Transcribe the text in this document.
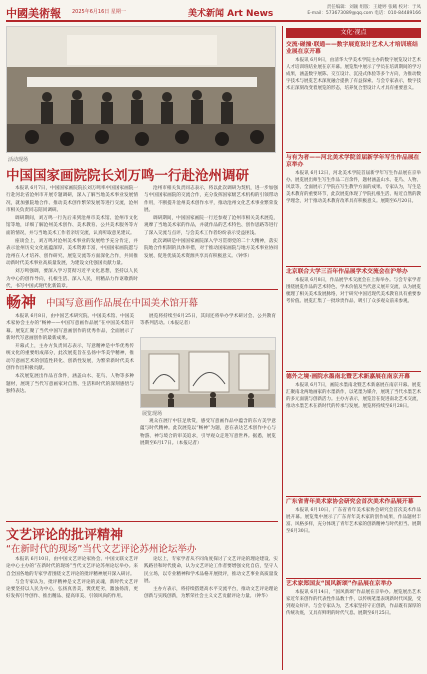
中國美術報 2025年6月16日 星期一	美术新闻 Art News
责任编辑：刘颖 组版：王婕婷 张曦 校对：于凤
E-mail：573673089@qq.com 电话：010-84489166
活动现场
中国国家画院院长刘万鸣一行赴沧州调研

本报讯 6月7日，中国国家画院院长刘万鸣率中国国家画院一行赴河北省沧州市开展专题调研，深入了解当地美术事业发展情况，就加强院地合作、推动美术创作繁荣发展等进行交流，沧州市相关负责同志陪同调研。

调研期间，刘万鸣一行先后来到沧州市美术馆、沧州市文化馆等地，详细了解沧州美术创作、美术教育、公共美术服务等方面的情况，并与当地美术工作者亲切交流，认真听取意见建议。

座谈会上，刘万鸣对沧州美术事业的发展给予充分肯定，并表示沧州历史文化底蕴深厚，美术资源丰富，中国国家画院愿与沧州在人才培养、创作研究、展览交流等方面深化合作，共同推动新时代美术事业高质量发展，为建设文化强国贡献力量。

刘万鸣强调，要深入学习贯彻习近平文化思想，坚持以人民为中心的创作导向，扎根生活、深入人民，用精品力作讴歌新时代，书写中国式现代化新篇章。

沧州市相关负责同志表示，将以此次调研为契机，进一步加强与中国国家画院的交流合作，充分发挥国家级艺术机构的引领带动作用，不断提升沧州美术创作水平，推动沧州文化艺术事业繁荣发展。

调研期间，中国国家画院一行还参观了沧州市相关美术展览，观摩了当地美术家的作品，并就作品的艺术特色、创作思路等进行了深入交流与点评，与会美术工作者纷纷表示受益匪浅。

此次调研是中国国家画院深入学习贯彻党的二十大精神，落实院地合作机制的具体举措，对于推动国家画院与地方美术事业协同发展、促进优质美术资源共享具有积极意义。（钟华）

畅神 中国写意画作品展在中国美术馆开幕

本报讯 6月8日，由中国艺术研究院、中国美术馆、中国美术家协会主办的“畅神——中国写意画作品展”在中国美术馆开幕。展览汇聚了当代中国写意画创作的优秀作品，全面展示了新时代写意画创作的最新成果。

开幕式上，主办方负责同志表示，写意精神是中华优秀传统文化的重要组成部分，此次展览旨在弘扬中华美学精神，推动写意画艺术的创造性转化、创新性发展，为繁荣新时代美术创作作出积极贡献。

本次展览展出作品百余件，涵盖山水、花鸟、人物等多种题材，展现了当代写意画家对自然、生活和时代的深刻感悟与独特表达。

展览将持续至6月25日，其间还将举办学术研讨会、公共教育等系列活动。（本报记者）

展览现场

观众在展厅中驻足欣赏，感受写意画作品中蕴含的东方美学意蕴与时代精神。此次展览以“畅神”为题，意在表达艺术创作中心与物游、神与境合的审美追求，引导观众走进写意世界。据悉，展览展期至6月17日。（本报记者）

文艺评论的批评精神
“在新时代的现场”当代文艺评论苏州论坛举办

本报讯 6月10日，由中国文艺评论家协会、中国文联文艺评论中心主办的“在新时代的现场”当代文艺评论苏州论坛举办。来自全国各地的专家学者围绕文艺评论的批评精神展开深入研讨。

与会专家认为，批评精神是文艺评论的灵魂，新时代文艺评论要坚持以人民为中心，弘扬真善美，褒优贬劣，激浊扬清，更好发挥引导创作、推出精品、提高审美、引领风尚的作用。

论坛上，专家学者从不同角度探讨了文艺评论的理论建设、实践路径和时代使命，认为文艺评论工作者要增强文化自信，坚守人民立场，以专业精神和学术品格开展批评，推动文艺事业高质量发展。

主办方表示，将持续搭建高水平交流平台，推动文艺评论理论创新与实践创新，为繁荣社会主义文艺贡献评论力量。（钟华）

文化·视点
交流·碰撞·联通——数字展览设计艺术人才培训班结业展在京开幕
本报讯 6月9日，由清华大学美术学院主办的数字展览设计艺术人才培训班结业展在京开幕。展览集中展示了学员在培训期间的学习成果，涵盖数字展陈、交互设计、沉浸式体验等多个方向，为推动数字技术与展览艺术深度融合提供了有益探索。与会专家表示，数字技术正深刻改变着展览的形态，培养复合型设计人才具有重要意义。
与有为者——河北美术学院首届新学年写生作品展在京举办
本报讯 6月12日，河北美术学院首届新学年写生作品展在京举办。展览展出师生写生作品二百余件，题材涵盖山水、花鸟、人物、风景等，全面展示了学院在写生教学方面的成果。专家认为，写生是美术教育的重要环节，此次展览体现了学院扎根生活、贴近自然的教学理念，对于推动美术教育改革具有积极意义。展期至6月20日。
北京联合大学三百年作品展学术交流会在沪举办
本报讯 6月8日，作品展学术交流会在上海举办。与会专家学者围绕展览作品的艺术特色、学术价值及当代意义展开交流，认为展览梳理了相关美术发展脉络，对于研究中国近现代美术教育具有重要参考价值。展览汇集了一批珍贵作品，吸引了众多观众前来参观。
德外之境·画院水墨南北暨艺术新嘉展在南京开幕
本报讯 6月7日，画院水墨南北暨艺术新嘉展在南京开幕。展览汇聚南北两地画家的水墨新作，以笔墨为媒介，展现了当代水墨艺术的多元面貌与创新活力。主办方表示，展览旨在促进南北艺术交流，推动水墨艺术在新时代的传承与发展。展览将持续至6月28日。
广东省青年美术家协会研究会首次美术作品展开幕
本报讯 6月10日，广东省青年美术家协会研究会首次美术作品展开幕。展览集中展示了广东青年美术家的创作成果，作品题材丰富、风格多样，充分体现了青年艺术家的创新精神与时代担当。展期至6月30日。
艺术家郑国友“国风新颂”作品展在京举办
本报讯 6月14日，“国风新颂”作品展在京举办。展览展出艺术家近年来创作的代表性作品数十件，以传统笔墨表现新时代风貌，受到观众好评。与会专家认为，艺术家坚持守正创新，作品既有深厚的传统功底，又具有鲜明的时代气息。展期至6月25日。
